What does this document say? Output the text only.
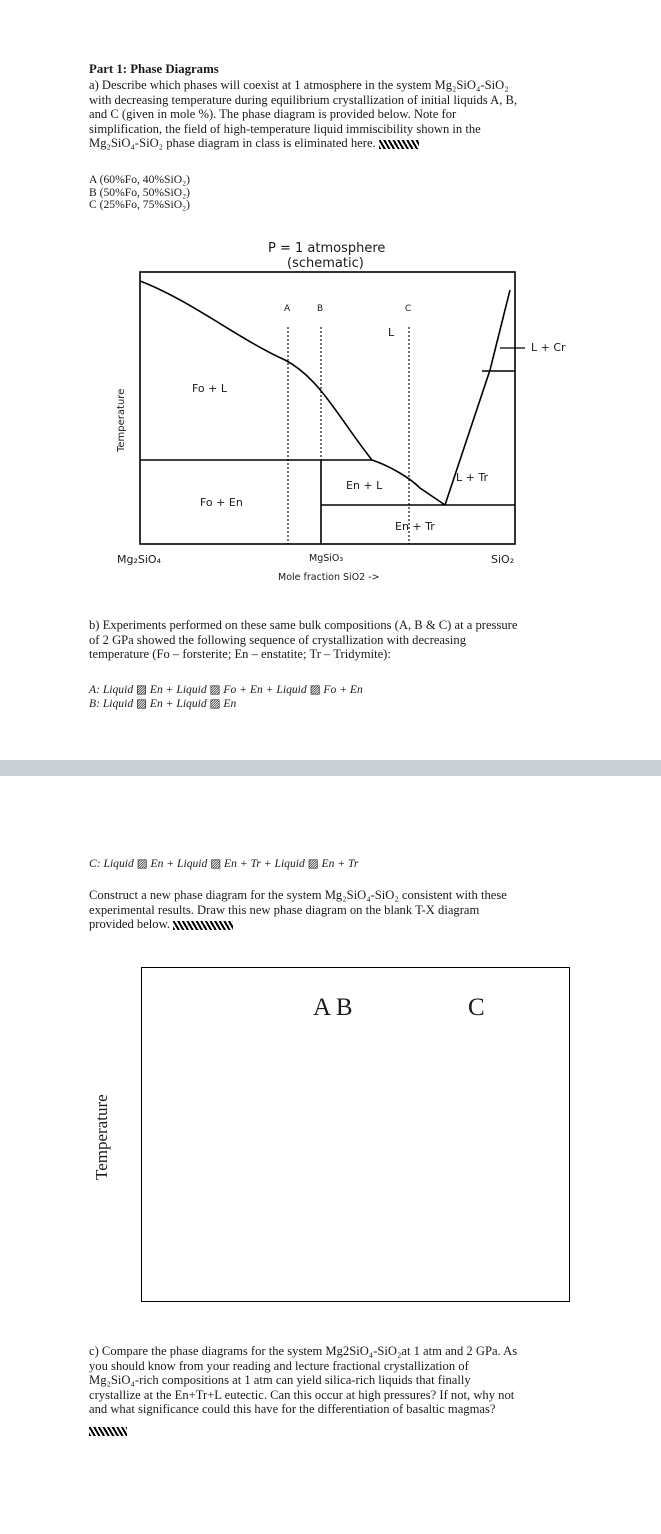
Part 1: Phase Diagrams
a) Describe which phases will coexist at 1 atmosphere in the system Mg₂SiO₄-SiO₂
with decreasing temperature during equilibrium crystallization of initial liquids A, B,
and C (given in mole %). The phase diagram is provided below. Note for
simplification, the field of high-temperature liquid immiscibility shown in the
Mg₂SiO₄-SiO₂ phase diagram in class is eliminated here.
A (60%Fo, 40%SiO₂)
B (50%Fo, 50%SiO₂)
C (25%Fo, 75%SiO₂)
P = 1 atmosphere
(schematic)
A	B	C
L
L + Cr
Fo + L
L + Tr
En + L
Fo + En
En + Tr
Mg₂SiO₄	MgSiO₃	SiO₂
Mole fraction SiO2 ->
Temperature
b) Experiments performed on these same bulk compositions (A, B & C) at a pressure
of 2 GPa showed the following sequence of crystallization with decreasing
temperature (Fo – forsterite; En – enstatite; Tr – Tridymite):
A: Liquid ▨ En + Liquid ▨ Fo + En + Liquid ▨ Fo + En
B: Liquid ▨ En + Liquid ▨ En
C: Liquid ▨ En + Liquid ▨ En + Tr + Liquid ▨ En + Tr
Construct a new phase diagram for the system Mg₂SiO₄-SiO₂ consistent with these
experimental results. Draw this new phase diagram on the blank T-X diagram
provided below.
A B	C
Temperature
c) Compare the phase diagrams for the system Mg2SiO₄-SiO₂at 1 atm and 2 GPa. As
you should know from your reading and lecture fractional crystallization of
Mg₂SiO₄-rich compositions at 1 atm can yield silica-rich liquids that finally
crystallize at the En+Tr+L eutectic. Can this occur at high pressures? If not, why not
and what significance could this have for the differentiation of basaltic magmas?
